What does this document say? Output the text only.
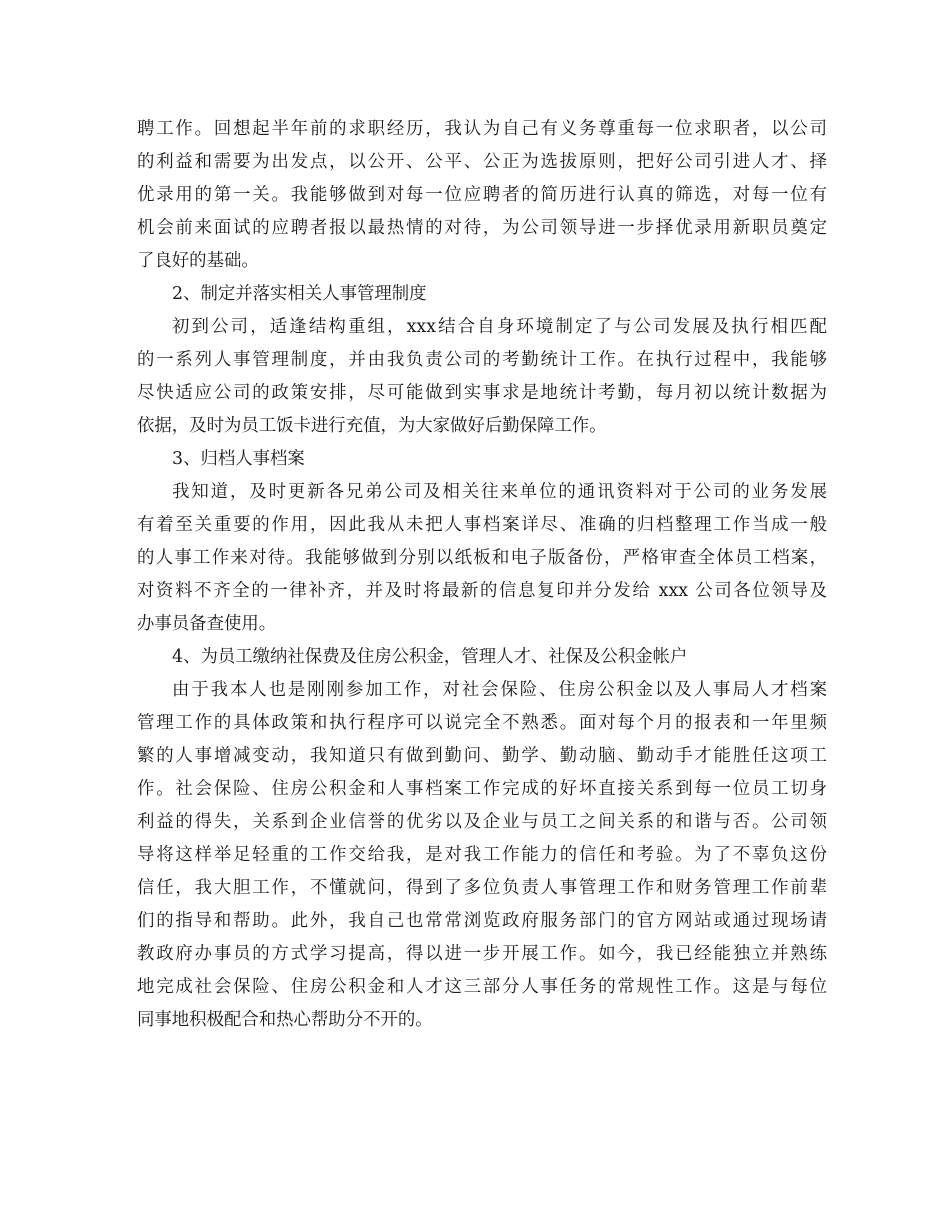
聘工作。回想起半年前的求职经历，我认为自己有义务尊重每一位求职者，以公司
的利益和需要为出发点，以公开、公平、公正为选拔原则，把好公司引进人才、择
优录用的第一关。我能够做到对每一位应聘者的简历进行认真的筛选，对每一位有
机会前来面试的应聘者报以最热情的对待，为公司领导进一步择优录用新职员奠定
了良好的基础。
2、制定并落实相关人事管理制度
初到公司，适逢结构重组，xxx结合自身环境制定了与公司发展及执行相匹配
的一系列人事管理制度，并由我负责公司的考勤统计工作。在执行过程中，我能够
尽快适应公司的政策安排，尽可能做到实事求是地统计考勤，每月初以统计数据为
依据，及时为员工饭卡进行充值，为大家做好后勤保障工作。
3、归档人事档案
我知道，及时更新各兄弟公司及相关往来单位的通讯资料对于公司的业务发展
有着至关重要的作用，因此我从未把人事档案详尽、准确的归档整理工作当成一般
的人事工作来对待。我能够做到分别以纸板和电子版备份，严格审查全体员工档案，
对资料不齐全的一律补齐，并及时将最新的信息复印并分发给 xxx 公司各位领导及
办事员备查使用。
4、为员工缴纳社保费及住房公积金，管理人才、社保及公积金帐户
由于我本人也是刚刚参加工作，对社会保险、住房公积金以及人事局人才档案
管理工作的具体政策和执行程序可以说完全不熟悉。面对每个月的报表和一年里频
繁的人事增减变动，我知道只有做到勤问、勤学、勤动脑、勤动手才能胜任这项工
作。社会保险、住房公积金和人事档案工作完成的好坏直接关系到每一位员工切身
利益的得失，关系到企业信誉的优劣以及企业与员工之间关系的和谐与否。公司领
导将这样举足轻重的工作交给我，是对我工作能力的信任和考验。为了不辜负这份
信任，我大胆工作，不懂就问，得到了多位负责人事管理工作和财务管理工作前辈
们的指导和帮助。此外，我自己也常常浏览政府服务部门的官方网站或通过现场请
教政府办事员的方式学习提高，得以进一步开展工作。如今，我已经能独立并熟练
地完成社会保险、住房公积金和人才这三部分人事任务的常规性工作。这是与每位
同事地积极配合和热心帮助分不开的。
